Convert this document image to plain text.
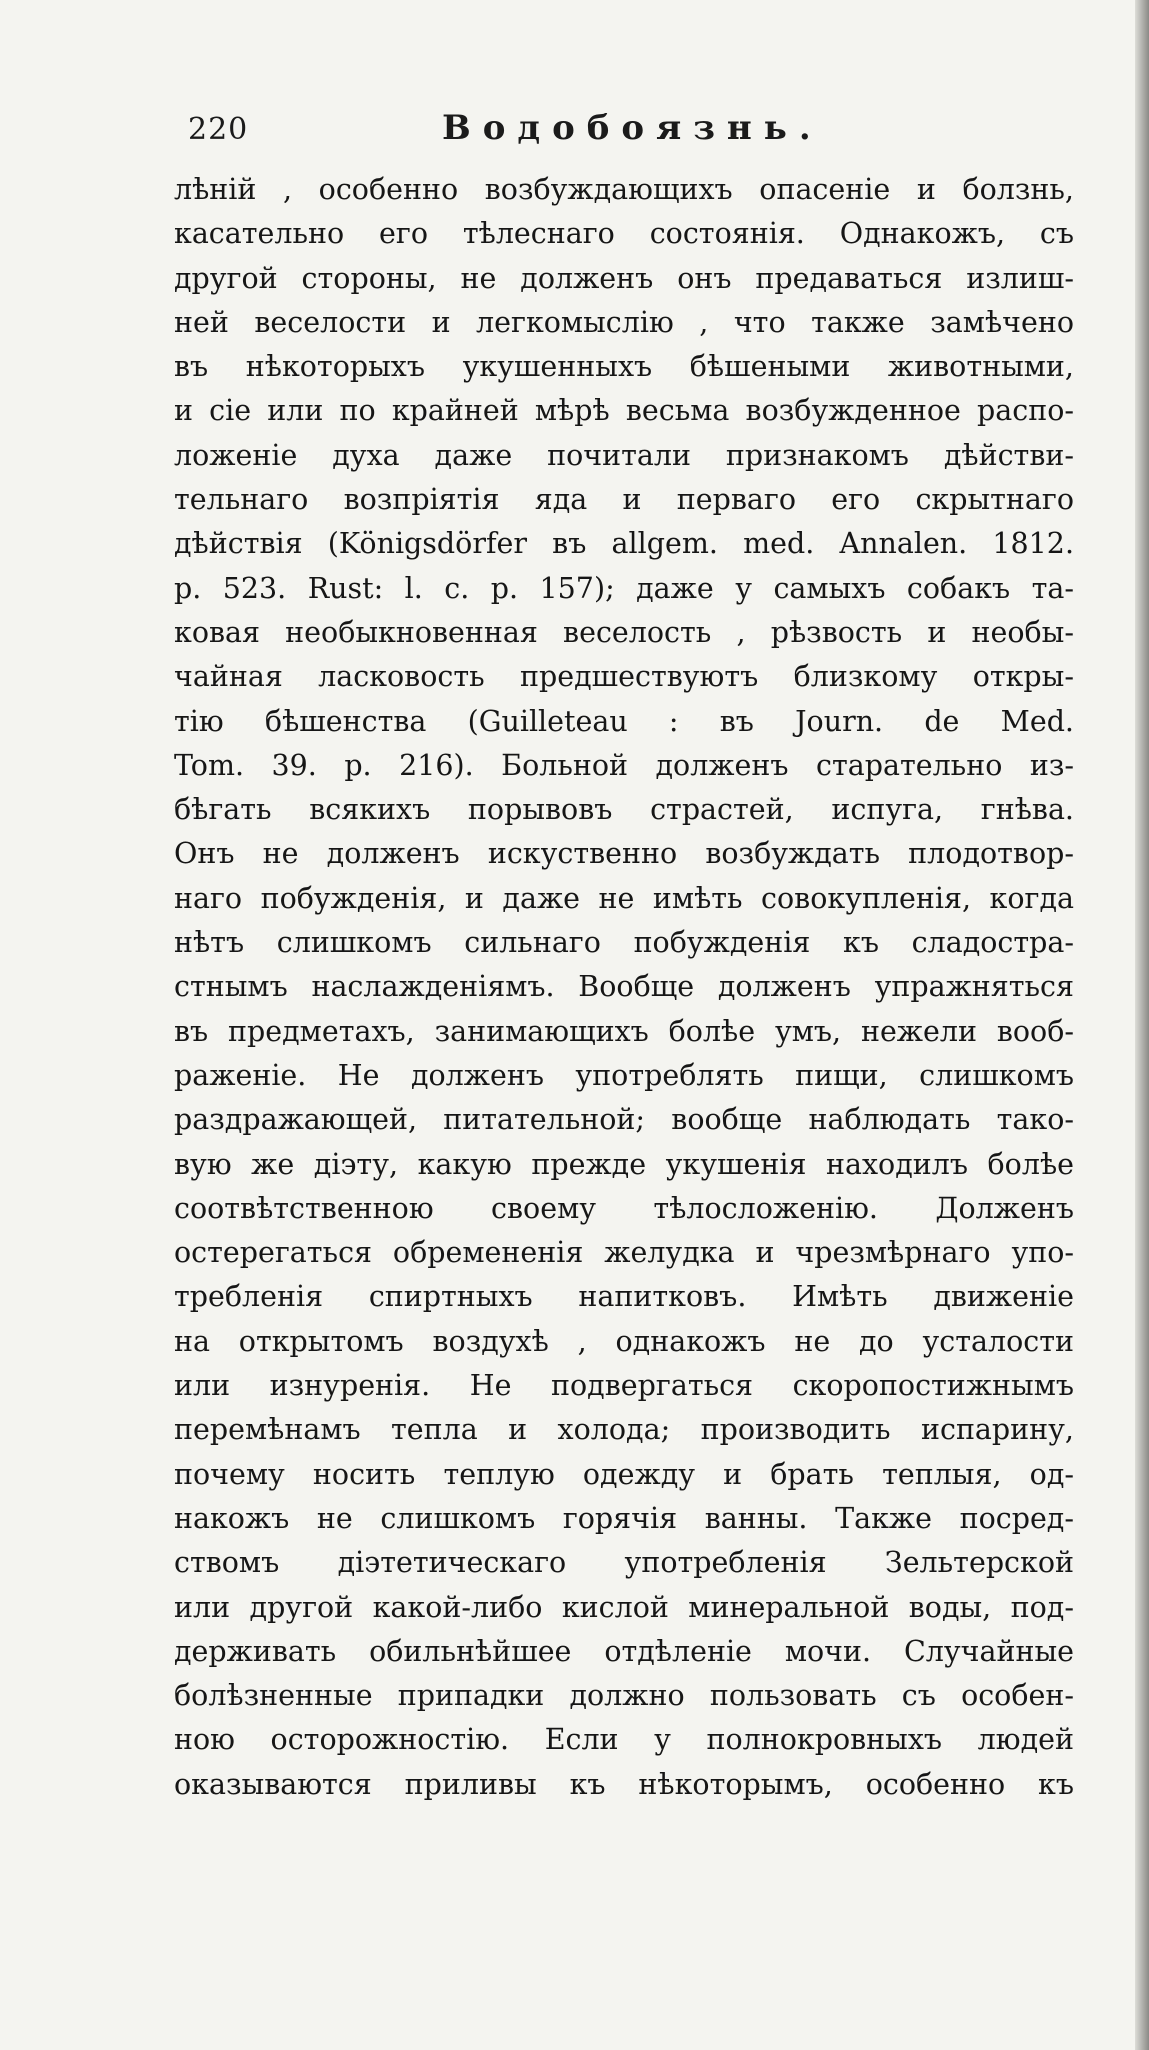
220	Водобоязнь.
лѣній , особенно возбуждающихъ опасеніе и болзнь,
касательно его тѣлеснаго состоянія. Однакожъ, съ
другой стороны, не долженъ онъ предаваться излиш-
ней веселости и легкомыслію , что также замѣчено
въ нѣкоторыхъ укушенныхъ бѣшеными животными,
и сіе или по крайней мѣрѣ весьма возбужденное распо-
ложеніе духа даже почитали признакомъ дѣйстви-
тельнаго возпріятія яда и перваго его скрытнаго
дѣйствія (Königsdörfer въ allgem. med. Annalen. 1812.
p. 523. Rust: l. c. p. 157); даже у самыхъ собакъ та-
ковая необыкновенная веселость , рѣзвость и необы-
чайная ласковость предшествуютъ близкому откры-
тію бѣшенства (Guilleteau : въ Journ. de Med.
Tom. 39. p. 216). Больной долженъ старательно из-
бѣгать всякихъ порывовъ страстей, испуга, гнѣва.
Онъ не долженъ искуственно возбуждать плодотвор-
наго побужденія, и даже не имѣть совокупленія, когда
нѣтъ слишкомъ сильнаго побужденія къ сладостра-
стнымъ наслажденіямъ. Вообще долженъ упражняться
въ предметахъ, занимающихъ болѣе умъ, нежели вооб-
раженіе. Не долженъ употреблять пищи, слишкомъ
раздражающей, питательной; вообще наблюдать тако-
вую же діэту, какую прежде укушенія находилъ болѣе
соотвѣтственною своему тѣлосложенію. Долженъ
остерегаться обремененія желудка и чрезмѣрнаго упо-
требленія спиртныхъ напитковъ. Имѣть движеніе
на открытомъ воздухѣ , однакожъ не до усталости
или изнуренія. Не подвергаться скоропостижнымъ
перемѣнамъ тепла и холода; производить испарину,
почему носить теплую одежду и брать теплыя, од-
накожъ не слишкомъ горячія ванны. Также посред-
ствомъ діэтетическаго употребленія Зельтерской
или другой какой-либо кислой минеральной воды, под-
держивать обильнѣйшее отдѣленіе мочи. Случайные
болѣзненные припадки должно пользовать съ особен-
ною осторожностію. Если у полнокровныхъ людей
оказываются приливы къ нѣкоторымъ, особенно къ
